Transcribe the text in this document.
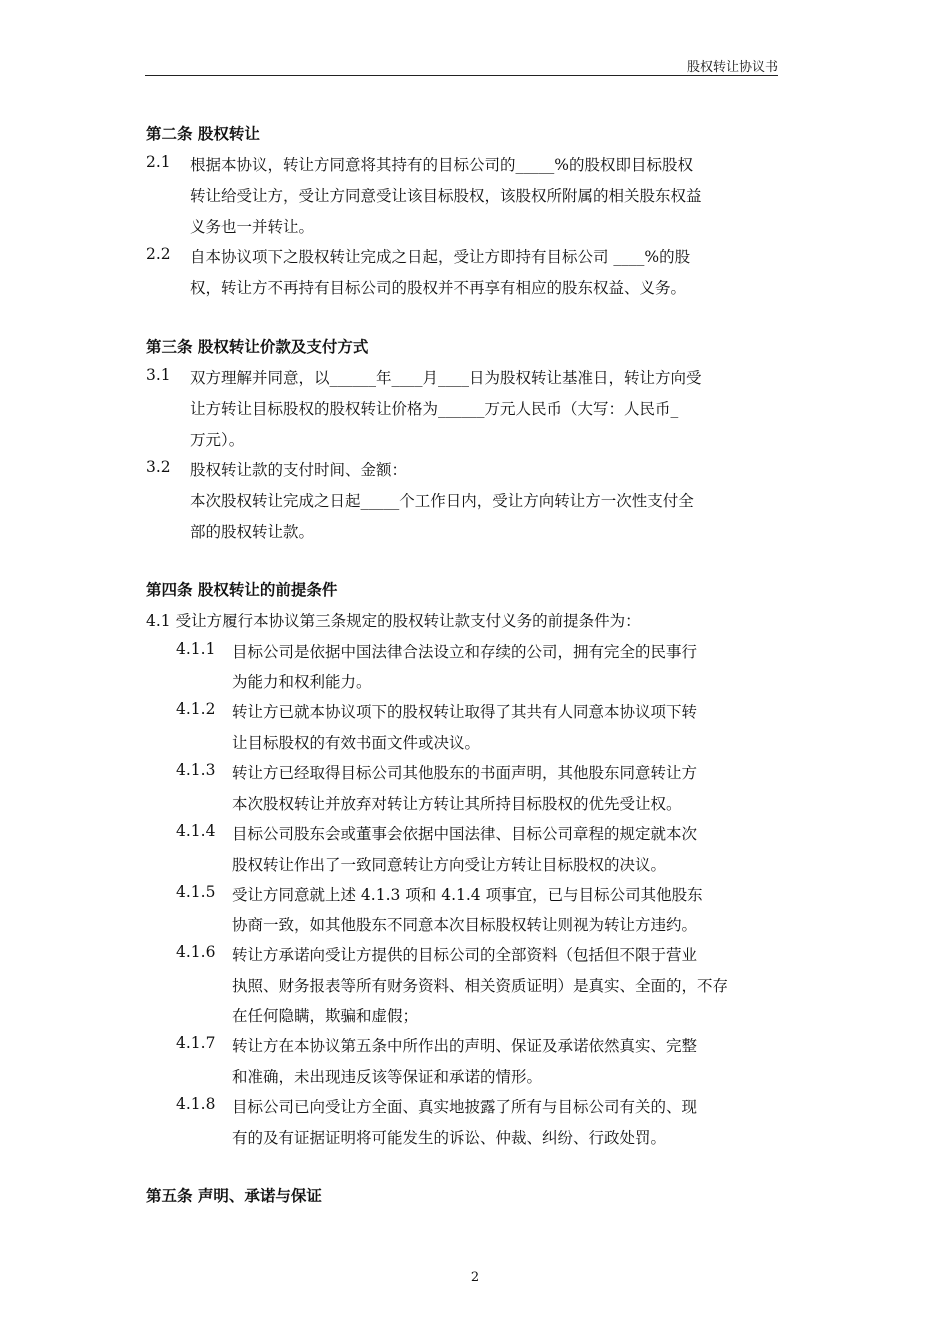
股权转让协议书
第二条 股权转让
2.1 根据本协议，转让方同意将其持有的目标公司的_____%的股权即目标股权
转让给受让方，受让方同意受让该目标股权，该股权所附属的相关股东权益
义务也一并转让。
2.2 自本协议项下之股权转让完成之日起，受让方即持有目标公司 ____%的股
权，转让方不再持有目标公司的股权并不再享有相应的股东权益、义务。
第三条 股权转让价款及支付方式
3.1 双方理解并同意，以______年____月____日为股权转让基准日，转让方向受
让方转让目标股权的股权转让价格为______万元人民币（大写：人民币_
万元）。
3.2 股权转让款的支付时间、金额：
本次股权转让完成之日起_____个工作日内，受让方向转让方一次性支付全
部的股权转让款。
第四条 股权转让的前提条件
4.1 受让方履行本协议第三条规定的股权转让款支付义务的前提条件为：
4.1.1 目标公司是依据中国法律合法设立和存续的公司，拥有完全的民事行
为能力和权利能力。
4.1.2 转让方已就本协议项下的股权转让取得了其共有人同意本协议项下转
让目标股权的有效书面文件或决议。
4.1.3 转让方已经取得目标公司其他股东的书面声明，其他股东同意转让方
本次股权转让并放弃对转让方转让其所持目标股权的优先受让权。
4.1.4 目标公司股东会或董事会依据中国法律、目标公司章程的规定就本次
股权转让作出了一致同意转让方向受让方转让目标股权的决议。
4.1.5 受让方同意就上述 4.1.3 项和 4.1.4 项事宜，已与目标公司其他股东
协商一致，如其他股东不同意本次目标股权转让则视为转让方违约。
4.1.6 转让方承诺向受让方提供的目标公司的全部资料（包括但不限于营业
执照、财务报表等所有财务资料、相关资质证明）是真实、全面的，不存
在任何隐瞒，欺骗和虚假；
4.1.7 转让方在本协议第五条中所作出的声明、保证及承诺依然真实、完整
和准确，未出现违反该等保证和承诺的情形。
4.1.8 目标公司已向受让方全面、真实地披露了所有与目标公司有关的、现
有的及有证据证明将可能发生的诉讼、仲裁、纠纷、行政处罚。
第五条 声明、承诺与保证
2
